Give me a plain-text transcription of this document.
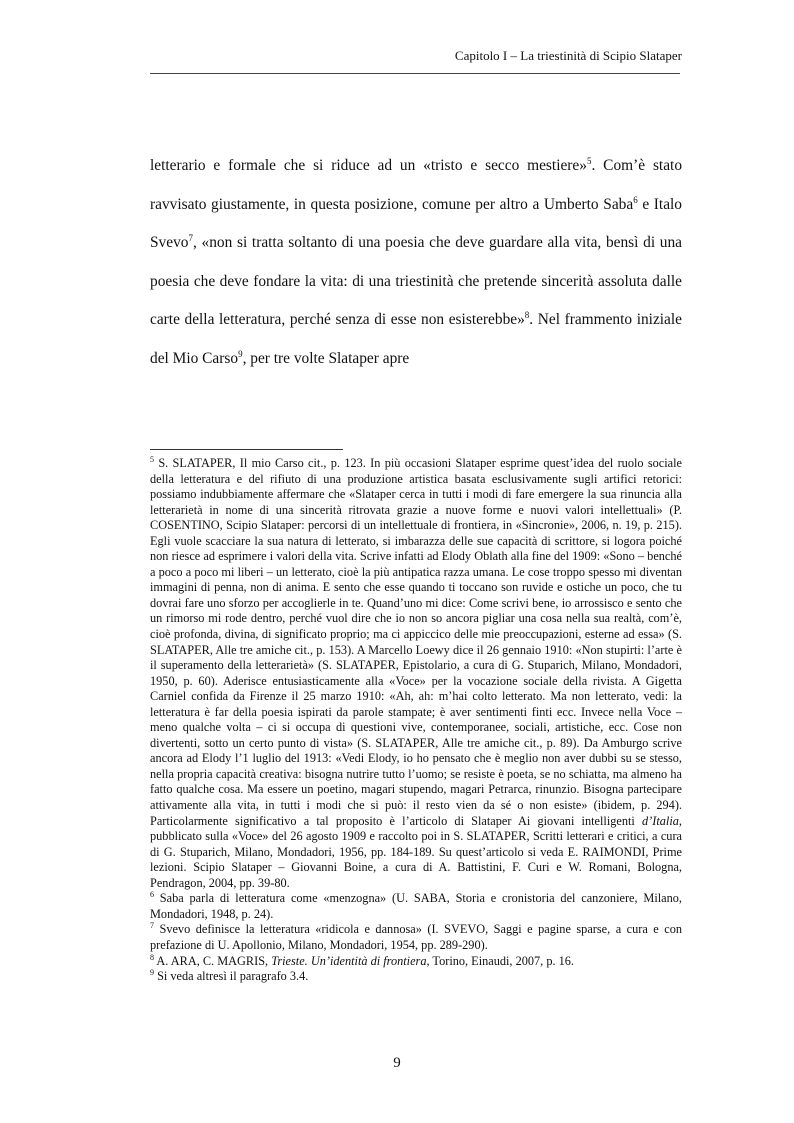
Capitolo I – La triestinità di Scipio Slataper

letterario e formale che si riduce ad un «tristo e secco mestiere»$^5$. Com’è stato ravvisato giustamente, in questa posizione, comune per altro a Umberto Saba$^6$ e Italo Svevo$^7$, «non si tratta soltanto di una poesia che deve guardare alla vita, bensì di una poesia che deve fondare la vita: di una triestinità che pretende sincerità assoluta dalle carte della letteratura, perché senza di esse non esisterebbe»$^8$. Nel frammento iniziale del Mio Carso$^9$, per tre volte Slataper apre

$^5$ S. SLATAPER, Il mio Carso cit., p. 123. In più occasioni Slataper esprime quest’idea del ruolo sociale della letteratura e del rifiuto di una produzione artistica basata esclusivamente sugli artifici retorici: possiamo indubbiamente affermare che «Slataper cerca in tutti i modi di fare emergere la sua rinuncia alla letterarietà in nome di una sincerità ritrovata grazie a nuove forme e nuovi valori intellettuali» (P. COSENTINO, Scipio Slataper: percorsi di un intellettuale di frontiera, in «Sincronie», 2006, n. 19, p. 215). Egli vuole scacciare la sua natura di letterato, si imbarazza delle sue capacità di scrittore, si logora poiché non riesce ad esprimere i valori della vita. Scrive infatti ad Elody Oblath alla fine del 1909: «Sono – benché a poco a poco mi liberi – un letterato, cioè la più antipatica razza umana. Le cose troppo spesso mi diventan immagini di penna, non di anima. E sento che esse quando ti toccano son ruvide e ostiche un poco, che tu dovrai fare uno sforzo per accoglierle in te. Quand’uno mi dice: Come scrivi bene, io arrossisco e sento che un rimorso mi rode dentro, perché vuol dire che io non so ancora pigliar una cosa nella sua realtà, com’è, cioè profonda, divina, di significato proprio; ma ci appiccico delle mie preoccupazioni, esterne ad essa» (S. SLATAPER, Alle tre amiche cit., p. 153). A Marcello Loewy dice il 26 gennaio 1910: «Non stupirti: l’arte è il superamento della letterarietà» (S. SLATAPER, Epistolario, a cura di G. Stuparich, Milano, Mondadori, 1950, p. 60). Aderisce entusiasticamente alla «Voce» per la vocazione sociale della rivista. A Gigetta Carniel confida da Firenze il 25 marzo 1910: «Ah, ah: m’hai colto letterato. Ma non letterato, vedi: la letteratura è far della poesia ispirati da parole stampate; è aver sentimenti finti ecc. Invece nella Voce – meno qualche volta – ci si occupa di questioni vive, contemporanee, sociali, artistiche, ecc. Cose non divertenti, sotto un certo punto di vista» (S. SLATAPER, Alle tre amiche cit., p. 89). Da Amburgo scrive ancora ad Elody l’1 luglio del 1913: «Vedi Elody, io ho pensato che è meglio non aver dubbi su se stesso, nella propria capacità creativa: bisogna nutrire tutto l’uomo; se resiste è poeta, se no schiatta, ma almeno ha fatto qualche cosa. Ma essere un poetino, magari stupendo, magari Petrarca, rinunzio. Bisogna partecipare attivamente alla vita, in tutti i modi che si può: il resto vien da sé o non esiste» (ibidem, p. 294). Particolarmente significativo a tal proposito è l’articolo di Slataper Ai giovani intelligenti d’Italia, pubblicato sulla «Voce» del 26 agosto 1909 e raccolto poi in S. SLATAPER, Scritti letterari e critici, a cura di G. Stuparich, Milano, Mondadori, 1956, pp. 184-189. Su quest’articolo si veda E. RAIMONDI, Prime lezioni. Scipio Slataper – Giovanni Boine, a cura di A. Battistini, F. Curi e W. Romani, Bologna, Pendragon, 2004, pp. 39-80.

$^6$ Saba parla di letteratura come «menzogna» (U. SABA, Storia e cronistoria del canzoniere, Milano, Mondadori, 1948, p. 24).

$^7$ Svevo definisce la letteratura «ridicola e dannosa» (I. SVEVO, Saggi e pagine sparse, a cura e con prefazione di U. Apollonio, Milano, Mondadori, 1954, pp. 289-290).

$^8$ A. ARA, C. MAGRIS, Trieste. Un’identità di frontiera, Torino, Einaudi, 2007, p. 16.

$^9$ Si veda altresì il paragrafo 3.4.

9
